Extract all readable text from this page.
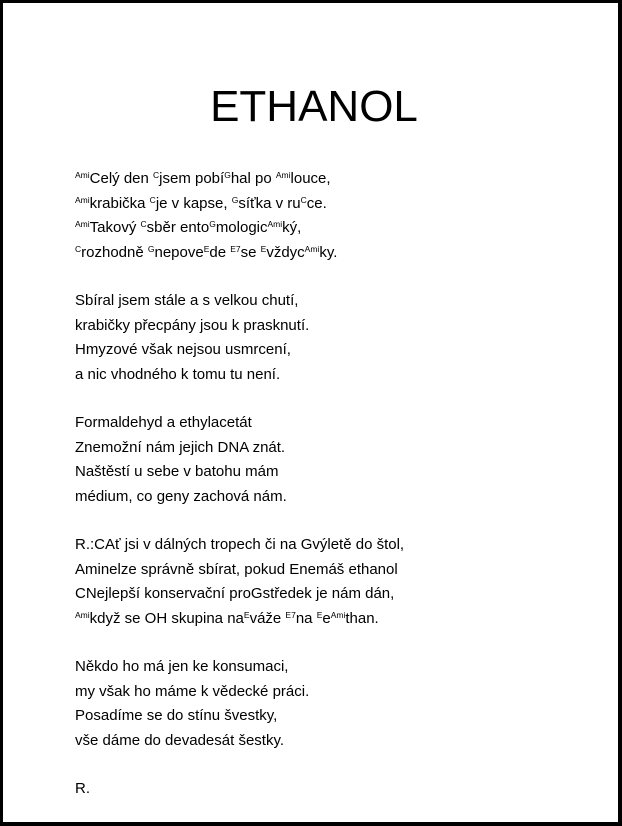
ETHANOL
$^{Ami}$Celý den $^C$jsem pobí$^G$hal po $^{Ami}$louce,
$^{Ami}$krabička $^C$je v kapse, $^G$síťka v $ru^Cce$.
$^{Ami}$Takový $^C$sběr ento$^G$mologic$^{Ami}$ký,
$^C$rozhodně $^G$nepove$^E$de $^{E7}$se $^E$vždyc$^{Ami}$ky.
Sbíral jsem stále a s velkou chutí,
krabičky přecpány jsou k prasknutí.
Hmyzové však nejsou usmrcení,
a nic vhodného k tomu tu není.
Formaldehyd a ethylacetát
Znemožní nám jejich DNA znát.
Naštěstí u sebe v batohu mám
médium, co geny zachová nám.
R.:CAť jsi v dálných tropech či na Gvýletě do štol,
Aminelze správně sbírat, pokud Enemáš ethanol
CNejlepší konservační proGstředek je nám dán,
$^{Ami}$když se OH skupina $na^Eváže$ $^{E7}$na $^Ee^{Ami}than$.
Někdo ho má jen ke konsumaci,
my však ho máme k vědecké práci.
Posadíme se do stínu švestky,
vše dáme do devadesát šestky.
R.
